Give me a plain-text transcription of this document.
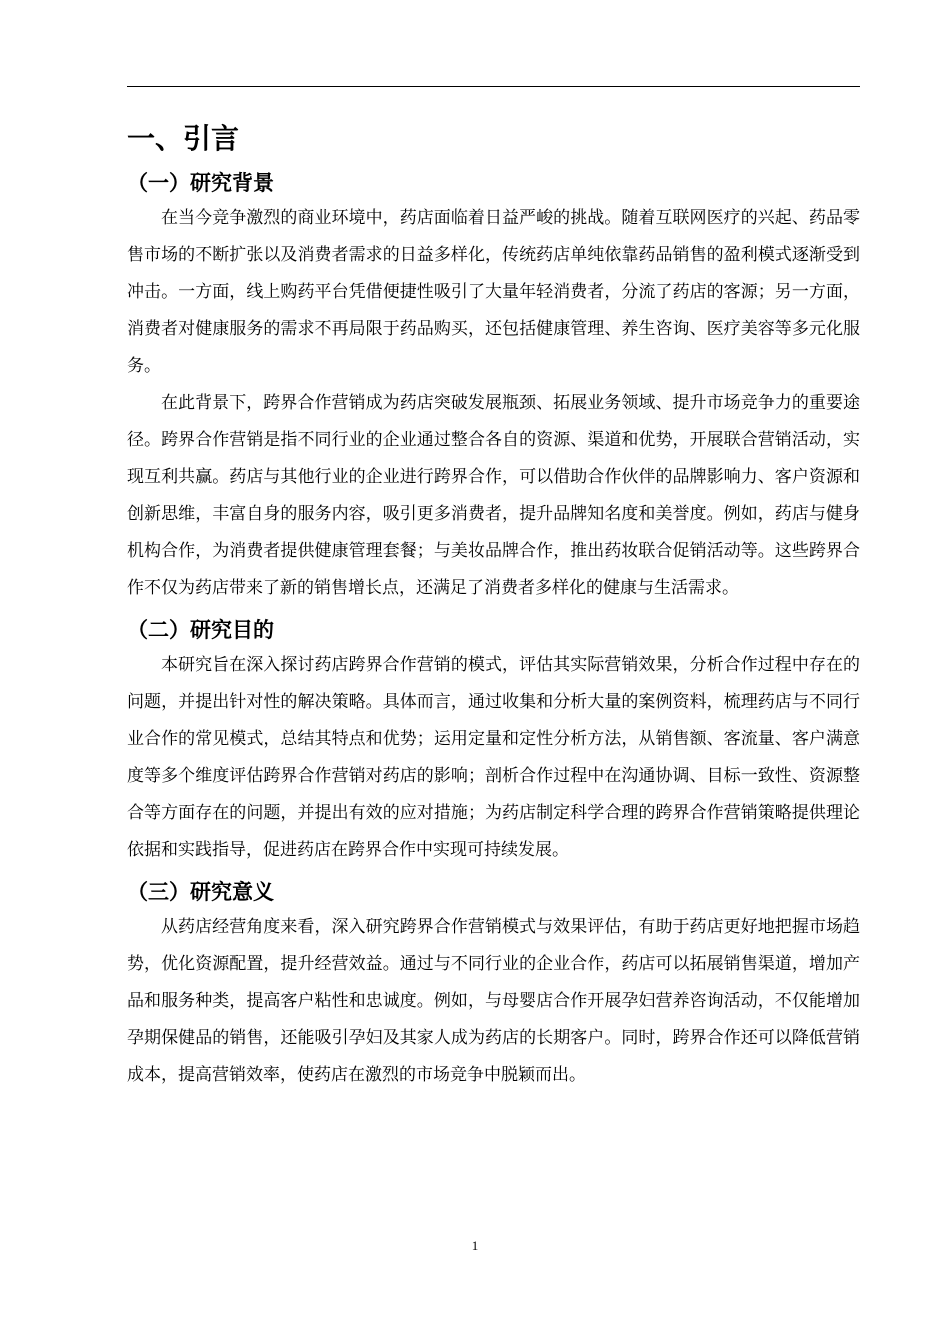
一、引言
（一）研究背景

在当今竞争激烈的商业环境中，药店面临着日益严峻的挑战。随着互联网医疗的兴起、药品零售市场的不断扩张以及消费者需求的日益多样化，传统药店单纯依靠药品销售的盈利模式逐渐受到冲击。一方面，线上购药平台凭借便捷性吸引了大量年轻消费者，分流了药店的客源；另一方面，消费者对健康服务的需求不再局限于药品购买，还包括健康管理、养生咨询、医疗美容等多元化服务。

在此背景下，跨界合作营销成为药店突破发展瓶颈、拓展业务领域、提升市场竞争力的重要途径。跨界合作营销是指不同行业的企业通过整合各自的资源、渠道和优势，开展联合营销活动，实现互利共赢。药店与其他行业的企业进行跨界合作，可以借助合作伙伴的品牌影响力、客户资源和创新思维，丰富自身的服务内容，吸引更多消费者，提升品牌知名度和美誉度。例如，药店与健身机构合作，为消费者提供健康管理套餐；与美妆品牌合作，推出药妆联合促销活动等。这些跨界合作不仅为药店带来了新的销售增长点，还满足了消费者多样化的健康与生活需求。

（二）研究目的

本研究旨在深入探讨药店跨界合作营销的模式，评估其实际营销效果，分析合作过程中存在的问题，并提出针对性的解决策略。具体而言，通过收集和分析大量的案例资料，梳理药店与不同行业合作的常见模式，总结其特点和优势；运用定量和定性分析方法，从销售额、客流量、客户满意度等多个维度评估跨界合作营销对药店的影响；剖析合作过程中在沟通协调、目标一致性、资源整合等方面存在的问题，并提出有效的应对措施；为药店制定科学合理的跨界合作营销策略提供理论依据和实践指导，促进药店在跨界合作中实现可持续发展。

（三）研究意义

从药店经营角度来看，深入研究跨界合作营销模式与效果评估，有助于药店更好地把握市场趋势，优化资源配置，提升经营效益。通过与不同行业的企业合作，药店可以拓展销售渠道，增加产品和服务种类，提高客户粘性和忠诚度。例如，与母婴店合作开展孕妇营养咨询活动，不仅能增加孕期保健品的销售，还能吸引孕妇及其家人成为药店的长期客户。同时，跨界合作还可以降低营销成本，提高营销效率，使药店在激烈的市场竞争中脱颖而出。

1
